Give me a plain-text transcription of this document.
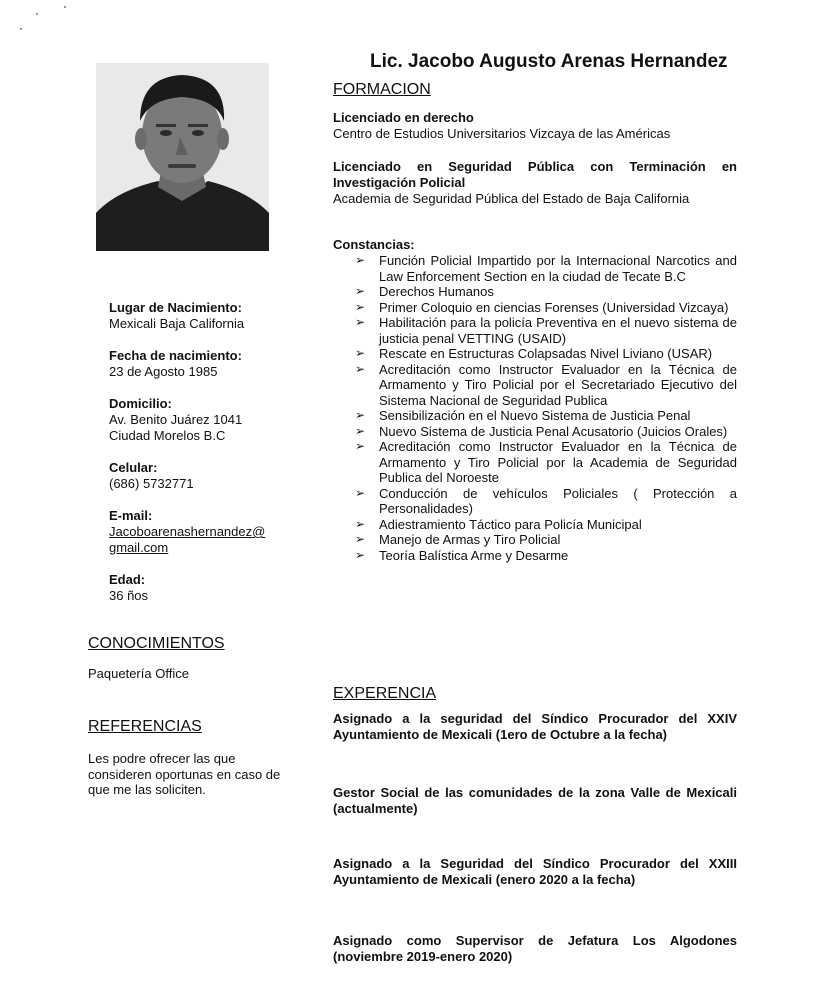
Lic. Jacobo Augusto Arenas Hernandez
Lugar de Nacimiento:
Mexicali Baja California
Fecha de nacimiento:
23 de Agosto 1985
Domicilio:
Av. Benito Juárez 1041
Ciudad Morelos B.C
Celular:
(686) 5732771
E-mail:
Jacoboarenashernandez@
gmail.com
Edad:
36 ños
CONOCIMIENTOS
Paquetería Office
REFERENCIAS
Les podre ofrecer las que consideren oportunas en caso de que me las soliciten.
FORMACION
Licenciado en derecho
Centro de Estudios Universitarios Vizcaya de las Américas
Licenciado en Seguridad Pública con Terminación en Investigación Policial
Academia de Seguridad Pública del Estado de Baja California
Constancias:
➢ Función Policial Impartido por la Internacional Narcotics and Law Enforcement Section en la ciudad de Tecate B.C
➢ Derechos Humanos
➢ Primer Coloquio en ciencias Forenses (Universidad Vizcaya)
➢ Habilitación para la policía Preventiva en el nuevo sistema de justicia penal VETTING (USAID)
➢ Rescate en Estructuras Colapsadas Nivel Liviano (USAR)
➢ Acreditación como Instructor Evaluador en la Técnica de Armamento y Tiro Policial por el Secretariado Ejecutivo del Sistema Nacional de Seguridad Publica
➢ Sensibilización en el Nuevo Sistema de Justicia Penal
➢ Nuevo Sistema de Justicia Penal Acusatorio (Juicios Orales)
➢ Acreditación como Instructor Evaluador en la Técnica de Armamento y Tiro Policial por la Academia de Seguridad Publica del Noroeste
➢ Conducción de vehículos Policiales ( Protección a Personalidades)
➢ Adiestramiento Táctico para Policía Municipal
➢ Manejo de Armas y Tiro Policial
➢ Teoría Balística Arme y Desarme
EXPERENCIA
Asignado a la seguridad del Síndico Procurador del XXIV Ayuntamiento de Mexicali (1ero de Octubre a la fecha)
Gestor Social de las comunidades de la zona Valle de Mexicali (actualmente)
Asignado a la Seguridad del Síndico Procurador del XXIII Ayuntamiento de Mexicali (enero 2020 a la fecha)
Asignado como Supervisor de Jefatura Los Algodones (noviembre 2019-enero 2020)
